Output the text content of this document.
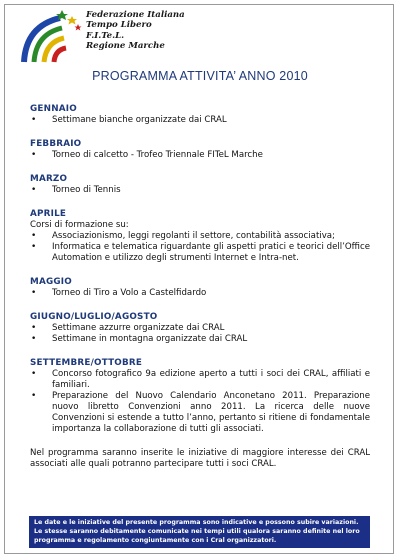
Federazione Italiana
Tempo Libero
F.I.Te.L.
Regione Marche
PROGRAMMA ATTIVITA’ ANNO 2010
GENNAIO
• Settimane bianche organizzate dai CRAL
FEBBRAIO
• Torneo di calcetto - Trofeo Triennale FITeL Marche
MARZO
• Torneo di Tennis
APRILE
Corsi di formazione su:
• Associazionismo, leggi regolanti il settore, contabilità associativa;
• Informatica e telematica riguardante gli aspetti pratici e teorici dell’Office Automation e utilizzo degli strumenti Internet e Intra-net.
MAGGIO
• Torneo di Tiro a Volo a Castelfidardo
GIUGNO/LUGLIO/AGOSTO
• Settimane azzurre organizzate dai CRAL
• Settimane in montagna organizzate dai CRAL
SETTEMBRE/OTTOBRE
• Concorso fotografico 9a edizione aperto a tutti i soci dei CRAL, affiliati e familiari.
• Preparazione del Nuovo Calendario Anconetano 2011. Preparazione nuovo libretto Convenzioni anno 2011. La ricerca delle nuove Convenzioni si estende a tutto l’anno, pertanto si ritiene di fondamentale importanza la collaborazione di tutti gli associati.
Nel programma saranno inserite le iniziative di maggiore interesse dei CRAL associati alle quali potranno partecipare tutti i soci CRAL.
Le date e le iniziative del presente programma sono indicative e possono subire variazioni. Le stesse saranno debitamente comunicate nei tempi utili qualora saranno definite nel loro programma e regolamento congiuntamente con i Cral organizzatori.
